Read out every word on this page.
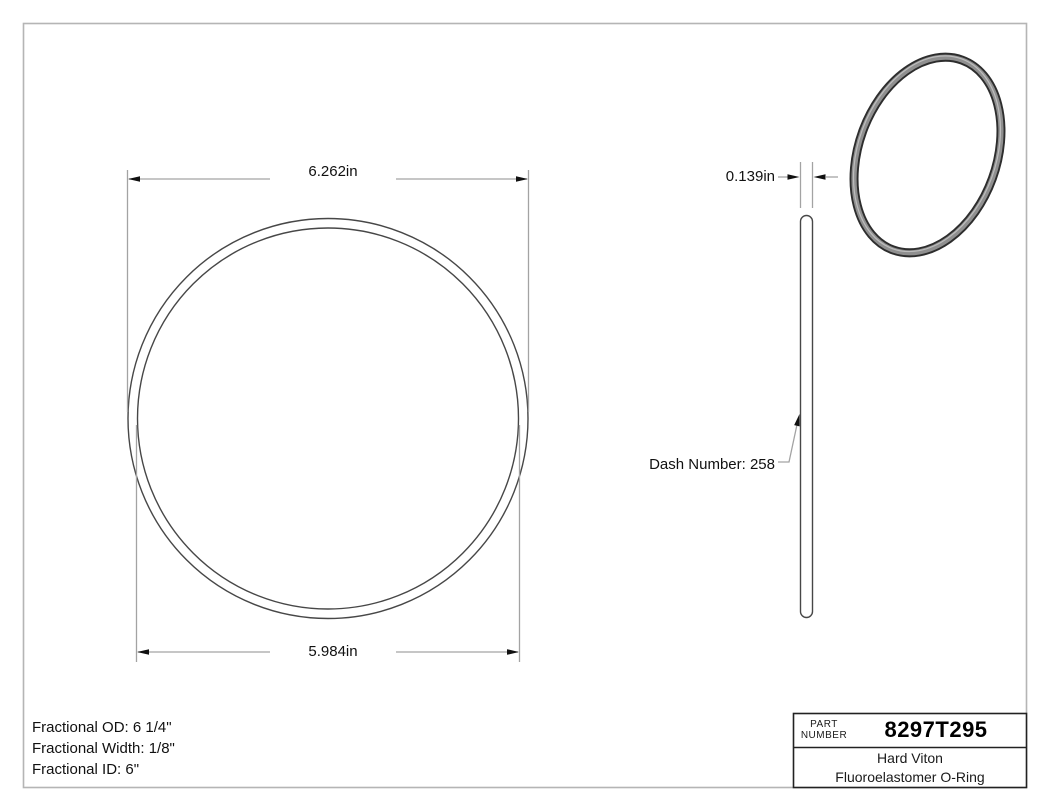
6.262in
5.984in
0.139in
Dash Number: 258
Fractional OD: 6 1/4"
Fractional Width: 1/8"
Fractional ID: 6"
PART
NUMBER	8297T295
Hard Viton
Fluoroelastomer O-Ring
